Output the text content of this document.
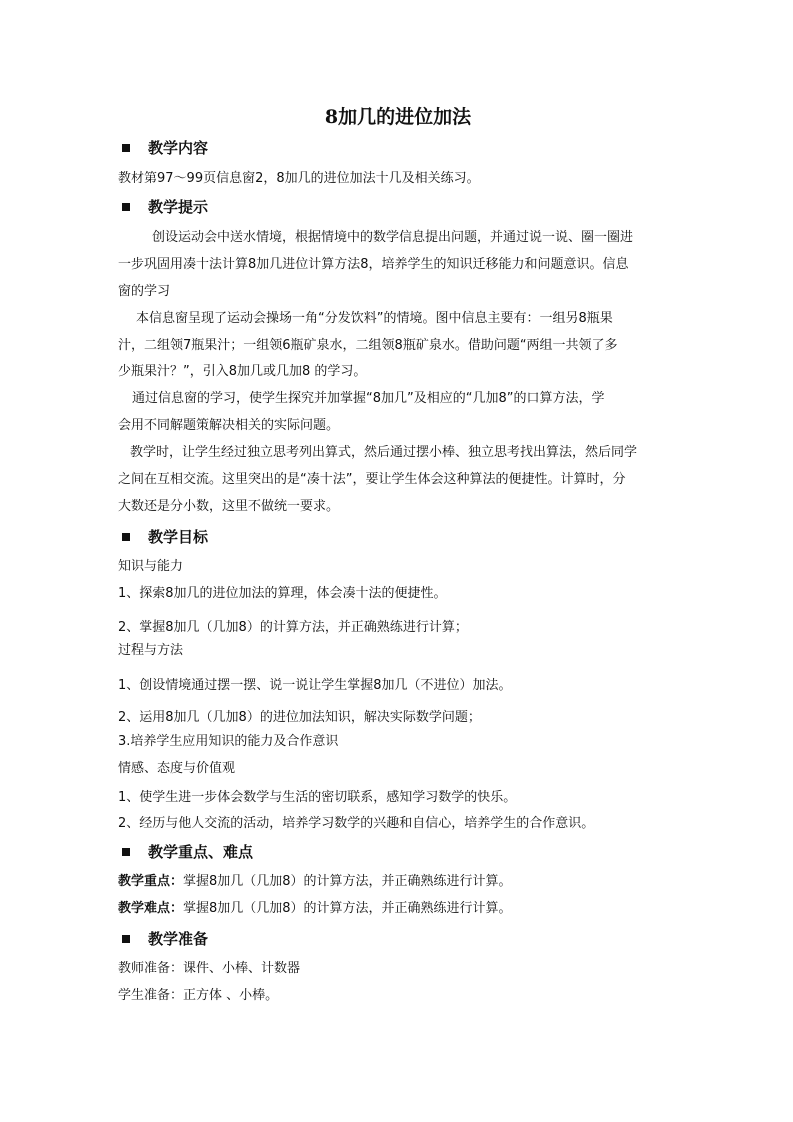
8加几的进位加法
教学内容
教材第97～99页信息窗2，8加几的进位加法十几及相关练习。
教学提示
创设运动会中送水情境，根据情境中的数学信息提出问题，并通过说一说、圈一圈进
一步巩固用凑十法计算8加几进位计算方法8，培养学生的知识迁移能力和问题意识。信息
窗的学习
本信息窗呈现了运动会操场一角“分发饮料”的情境。图中信息主要有：一组另8瓶果
汁，二组领7瓶果汁；一组领6瓶矿泉水，二组领8瓶矿泉水。借助问题“两组一共领了多
少瓶果汁？”，引入8加几或几加8 的学习。
通过信息窗的学习，使学生探究并加掌握“8加几”及相应的“几加8”的口算方法，学
会用不同解题策解决相关的实际问题。
教学时，让学生经过独立思考列出算式，然后通过摆小棒、独立思考找出算法，然后同学
之间在互相交流。这里突出的是“凑十法”，要让学生体会这种算法的便捷性。计算时，分
大数还是分小数，这里不做统一要求。
教学目标
知识与能力
1、探索8加几的进位加法的算理，体会凑十法的便捷性。
2、掌握8加几（几加8）的计算方法，并正确熟练进行计算；
过程与方法
1、创设情境通过摆一摆、说一说让学生掌握8加几（不进位）加法。
2、运用8加几（几加8）的进位加法知识，解决实际数学问题；
3.培养学生应用知识的能力及合作意识
情感、态度与价值观
1、使学生进一步体会数学与生活的密切联系，感知学习数学的快乐。
2、经历与他人交流的活动，培养学习数学的兴趣和自信心，培养学生的合作意识。
教学重点、难点
教学重点：掌握8加几（几加8）的计算方法，并正确熟练进行计算。
教学难点：掌握8加几（几加8）的计算方法，并正确熟练进行计算。
教学准备
教师准备：课件、小棒、计数器
学生准备：正方体 、小棒。
